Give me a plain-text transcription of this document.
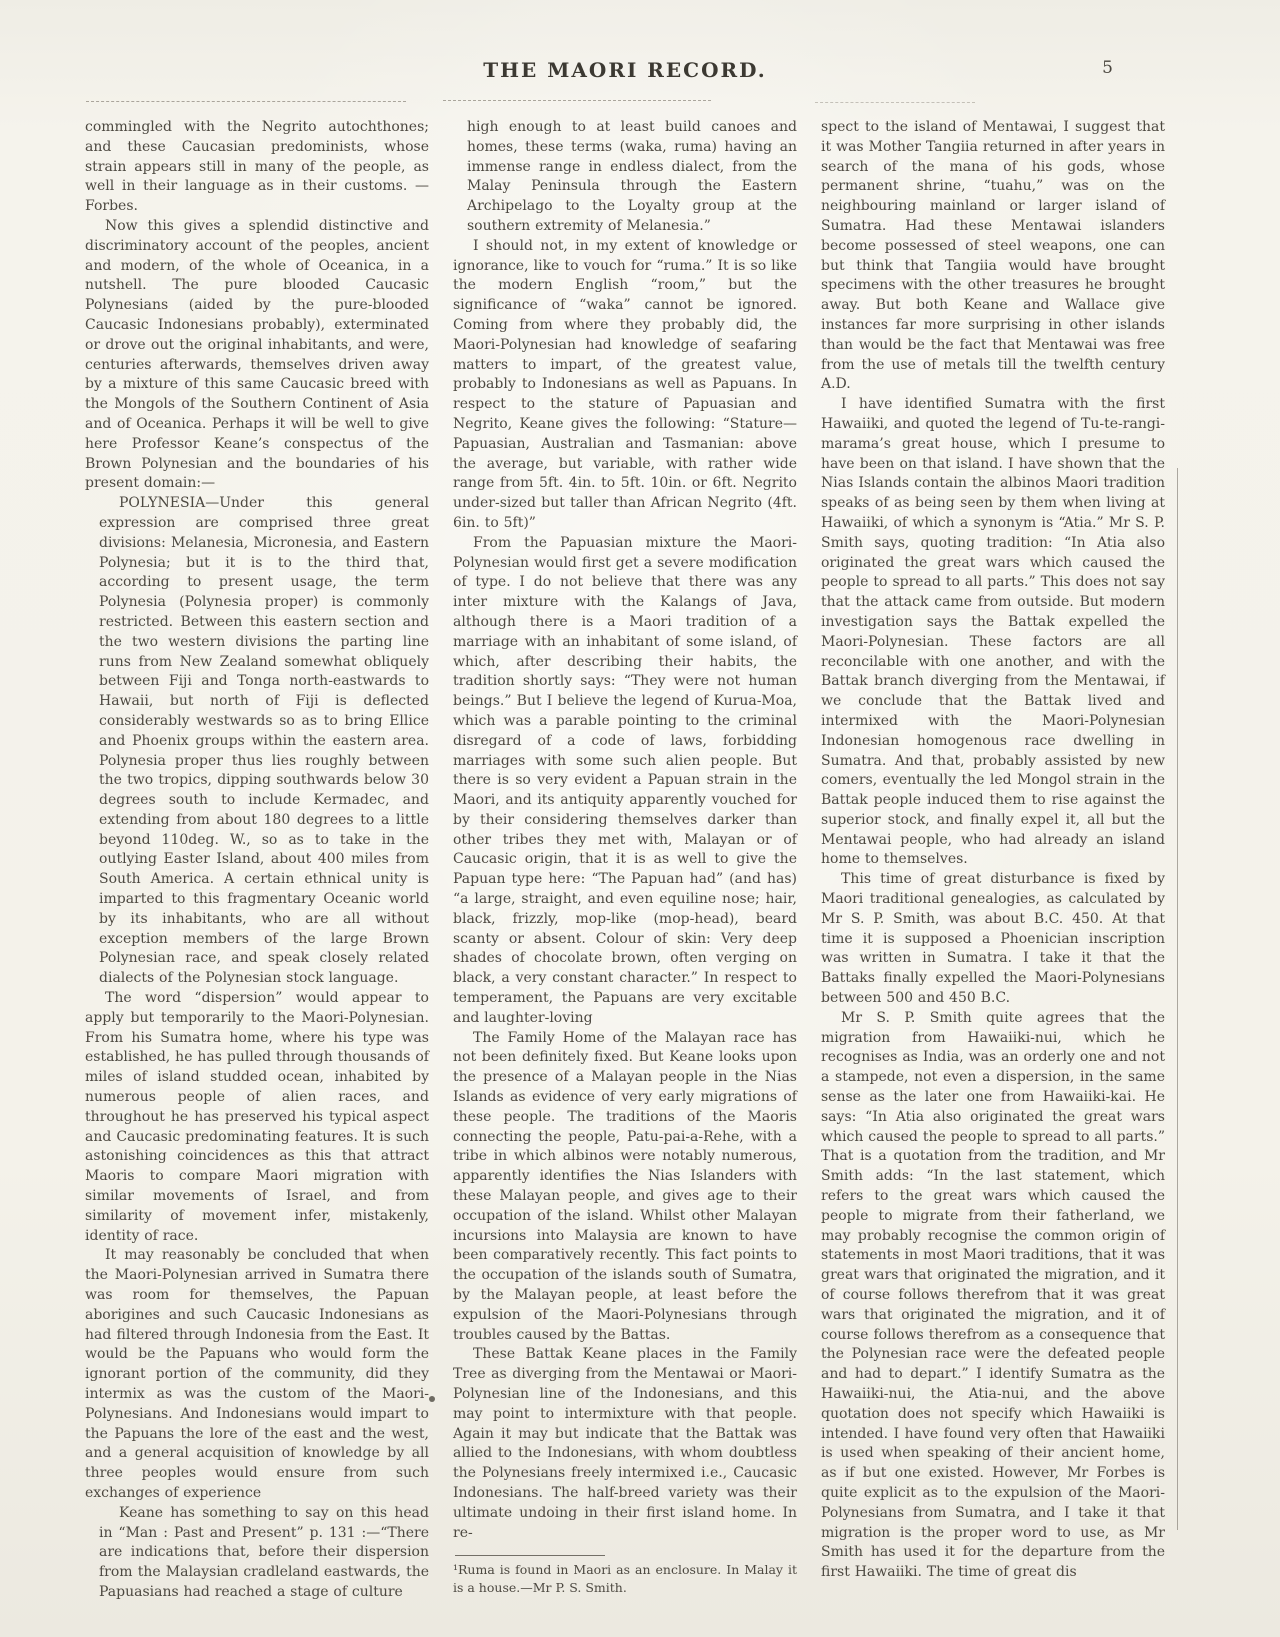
THE MAORI RECORD.	5

commingled with the Negrito autochthones; and these Caucasian predominists, whose strain appears still in many of the people, as well in their language as in their customs. —Forbes.

Now this gives a splendid distinctive and discriminatory account of the peoples, ancient and modern, of the whole of Oceanica, in a nutshell. The pure blooded Caucasic Polynesians (aided by the pure-blooded Caucasic Indonesians probably), exterminated or drove out the original inhabitants, and were, centuries afterwards, themselves driven away by a mixture of this same Caucasic breed with the Mongols of the Southern Continent of Asia and of Oceanica. Perhaps it will be well to give here Professor Keane’s conspectus of the Brown Polynesian and the boundaries of his present domain:—

POLYNESIA—Under this general expression are comprised three great divisions: Melanesia, Micronesia, and Eastern Polynesia; but it is to the third that, according to present usage, the term Polynesia (Polynesia proper) is commonly restricted. Between this eastern section and the two western divisions the parting line runs from New Zealand somewhat obliquely between Fiji and Tonga north-eastwards to Hawaii, but north of Fiji is deflected considerably westwards so as to bring Ellice and Phoenix groups within the eastern area. Polynesia proper thus lies roughly between the two tropics, dipping southwards below 30 degrees south to include Kermadec, and extending from about 180 degrees to a little beyond 110deg. W., so as to take in the outlying Easter Island, about 400 miles from South America. A certain ethnical unity is imparted to this fragmentary Oceanic world by its inhabitants, who are all without exception members of the large Brown Polynesian race, and speak closely related dialects of the Polynesian stock language.

The word “dispersion” would appear to apply but temporarily to the Maori-Polynesian. From his Sumatra home, where his type was established, he has pulled through thousands of miles of island studded ocean, inhabited by numerous people of alien races, and throughout he has preserved his typical aspect and Caucasic predominating features. It is such astonishing coincidences as this that attract Maoris to compare Maori migration with similar movements of Israel, and from similarity of movement infer, mistakenly, identity of race.

It may reasonably be concluded that when the Maori-Polynesian arrived in Sumatra there was room for themselves, the Papuan aborigines and such Caucasic Indonesians as had filtered through Indonesia from the East. It would be the Papuans who would form the ignorant portion of the community, did they intermix as was the custom of the Maori-Polynesians. And Indonesians would impart to the Papuans the lore of the east and the west, and a general acquisition of knowledge by all three peoples would ensure from such exchanges of experience

Keane has something to say on this head in “Man : Past and Present” p. 131 :—“There are indications that, before their dispersion from the Malaysian cradleland eastwards, the Papuasians had reached a stage of culture

high enough to at least build canoes and homes, these terms (waka, ruma) having an immense range in endless dialect, from the Malay Peninsula through the Eastern Archipelago to the Loyalty group at the southern extremity of Melanesia.”

I should not, in my extent of knowledge or ignorance, like to vouch for “ruma.” It is so like the modern English “room,” but the significance of “waka” cannot be ignored. Coming from where they probably did, the Maori-Polynesian had knowledge of seafaring matters to impart, of the greatest value, probably to Indonesians as well as Papuans. In respect to the stature of Papuasian and Negrito, Keane gives the following: “Stature—Papuasian, Australian and Tasmanian: above the average, but variable, with rather wide range from 5ft. 4in. to 5ft. 10in. or 6ft. Negrito under-sized but taller than African Negrito (4ft. 6in. to 5ft)”

From the Papuasian mixture the Maori-Polynesian would first get a severe modification of type. I do not believe that there was any inter mixture with the Kalangs of Java, although there is a Maori tradition of a marriage with an inhabitant of some island, of which, after describing their habits, the tradition shortly says: “They were not human beings.” But I believe the legend of Kurua-Moa, which was a parable pointing to the criminal disregard of a code of laws, forbidding marriages with some such alien people. But there is so very evident a Papuan strain in the Maori, and its antiquity apparently vouched for by their considering themselves darker than other tribes they met with, Malayan or of Caucasic origin, that it is as well to give the Papuan type here: “The Papuan had” (and has) “a large, straight, and even equiline nose; hair, black, frizzly, mop-like (mop-head), beard scanty or absent. Colour of skin: Very deep shades of chocolate brown, often verging on black, a very constant character.” In respect to temperament, the Papuans are very excitable and laughter-loving

The Family Home of the Malayan race has not been definitely fixed. But Keane looks upon the presence of a Malayan people in the Nias Islands as evidence of very early migrations of these people. The traditions of the Maoris connecting the people, Patu-pai-a-Rehe, with a tribe in which albinos were notably numerous, apparently identifies the Nias Islanders with these Malayan people, and gives age to their occupation of the island. Whilst other Malayan incursions into Malaysia are known to have been comparatively recently. This fact points to the occupation of the islands south of Sumatra, by the Malayan people, at least before the expulsion of the Maori-Polynesians through troubles caused by the Battas.

These Battak Keane places in the Family Tree as diverging from the Mentawai or Maori-Polynesian line of the Indonesians, and this may point to intermixture with that people. Again it may but indicate that the Battak was allied to the Indonesians, with whom doubtless the Polynesians freely intermixed i.e., Caucasic Indonesians. The half-breed variety was their ultimate undoing in their first island home. In re-

¹Ruma is found in Maori as an enclosure. In Malay it is a house.—Mr P. S. Smith.

spect to the island of Mentawai, I suggest that it was Mother Tangiia returned in after years in search of the mana of his gods, whose permanent shrine, “tuahu,” was on the neighbouring mainland or larger island of Sumatra. Had these Mentawai islanders become possessed of steel weapons, one can but think that Tangiia would have brought specimens with the other treasures he brought away. But both Keane and Wallace give instances far more surprising in other islands than would be the fact that Mentawai was free from the use of metals till the twelfth century A.D.

I have identified Sumatra with the first Hawaiiki, and quoted the legend of Tu-te-rangi-marama’s great house, which I presume to have been on that island. I have shown that the Nias Islands contain the albinos Maori tradition speaks of as being seen by them when living at Hawaiiki, of which a synonym is “Atia.” Mr S. P. Smith says, quoting tradition: “In Atia also originated the great wars which caused the people to spread to all parts.” This does not say that the attack came from outside. But modern investigation says the Battak expelled the Maori-Polynesian. These factors are all reconcilable with one another, and with the Battak branch diverging from the Mentawai, if we conclude that the Battak lived and intermixed with the Maori-Polynesian Indonesian homogenous race dwelling in Sumatra. And that, probably assisted by new comers, eventually the led Mongol strain in the Battak people induced them to rise against the superior stock, and finally expel it, all but the Mentawai people, who had already an island home to themselves.

This time of great disturbance is fixed by Maori traditional genealogies, as calculated by Mr S. P. Smith, was about B.C. 450. At that time it is supposed a Phoenician inscription was written in Sumatra. I take it that the Battaks finally expelled the Maori-Polynesians between 500 and 450 B.C.

Mr S. P. Smith quite agrees that the migration from Hawaiiki-nui, which he recognises as India, was an orderly one and not a stampede, not even a dispersion, in the same sense as the later one from Hawaiiki-kai. He says: “In Atia also originated the great wars which caused the people to spread to all parts.” That is a quotation from the tradition, and Mr Smith adds: “In the last statement, which refers to the great wars which caused the people to migrate from their fatherland, we may probably recognise the common origin of statements in most Maori traditions, that it was great wars that originated the migration, and it of course follows therefrom that it was great wars that originated the migration, and it of course follows therefrom as a consequence that the Polynesian race were the defeated people and had to depart.” I identify Sumatra as the Hawaiiki-nui, the Atia-nui, and the above quotation does not specify which Hawaiiki is intended. I have found very often that Hawaiiki is used when speaking of their ancient home, as if but one existed. However, Mr Forbes is quite explicit as to the expulsion of the Maori-Polynesians from Sumatra, and I take it that migration is the proper word to use, as Mr Smith has used it for the departure from the first Hawaiiki. The time of great dis
